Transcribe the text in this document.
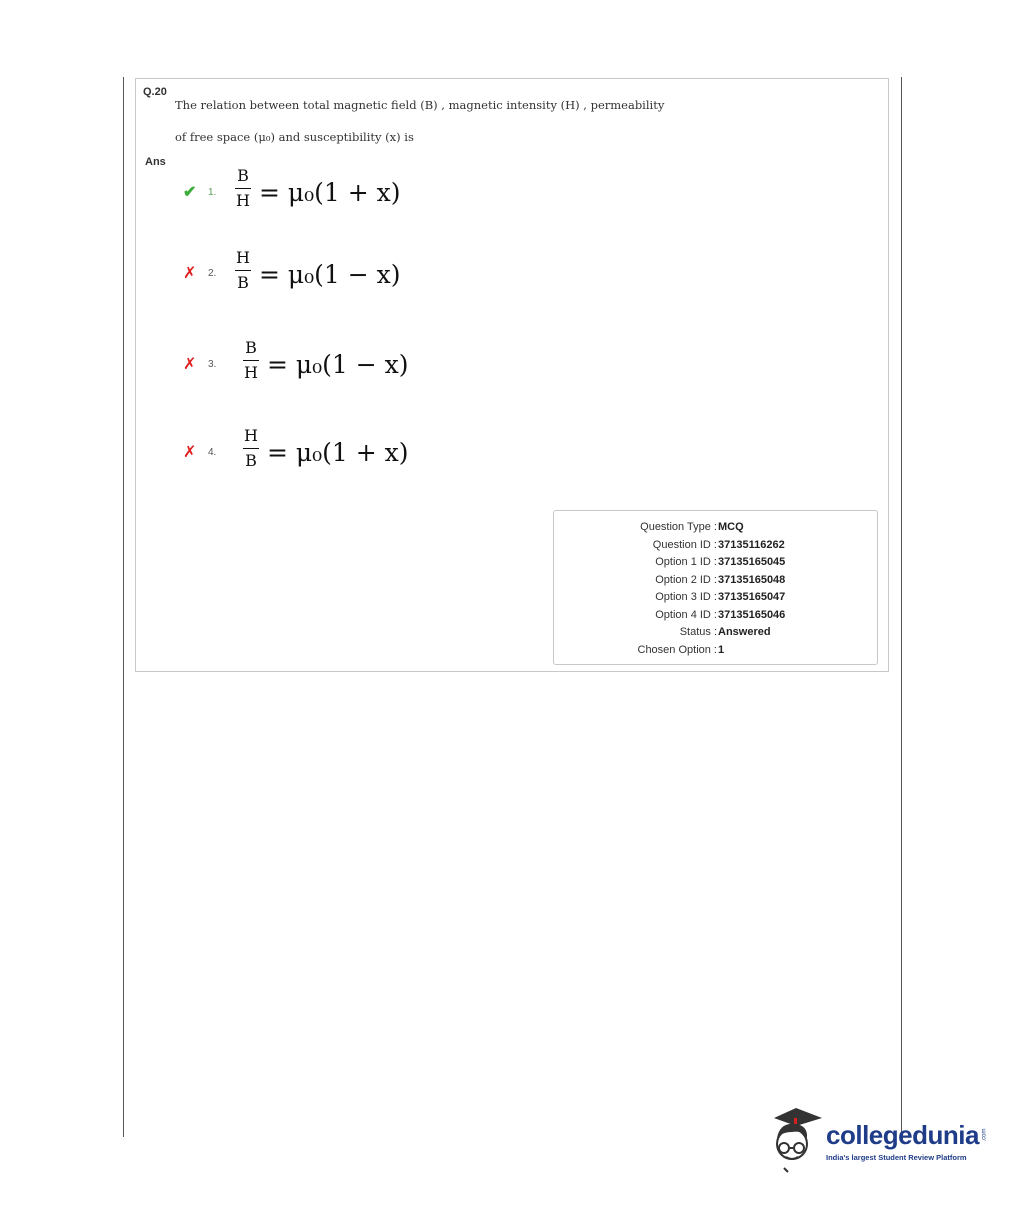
Q.20
The relation between total magnetic field (B) , magnetic intensity (H) , permeability
of free space (μ₀) and susceptibility (x) is
Ans
✔ 1.
B
H = μ₀(1 + x)
✗ 2.
H
B = μ₀(1 − x)
✗ 3.
B
H = μ₀(1 − x)
✗ 4.
H
B = μ₀(1 + x)
Question Type : MCQ
Question ID : 37135116262
Option 1 ID : 37135165045
Option 2 ID : 37135165048
Option 3 ID : 37135165047
Option 4 ID : 37135165046
Status : Answered
Chosen Option : 1
collegedunia .com
India's largest Student Review Platform
